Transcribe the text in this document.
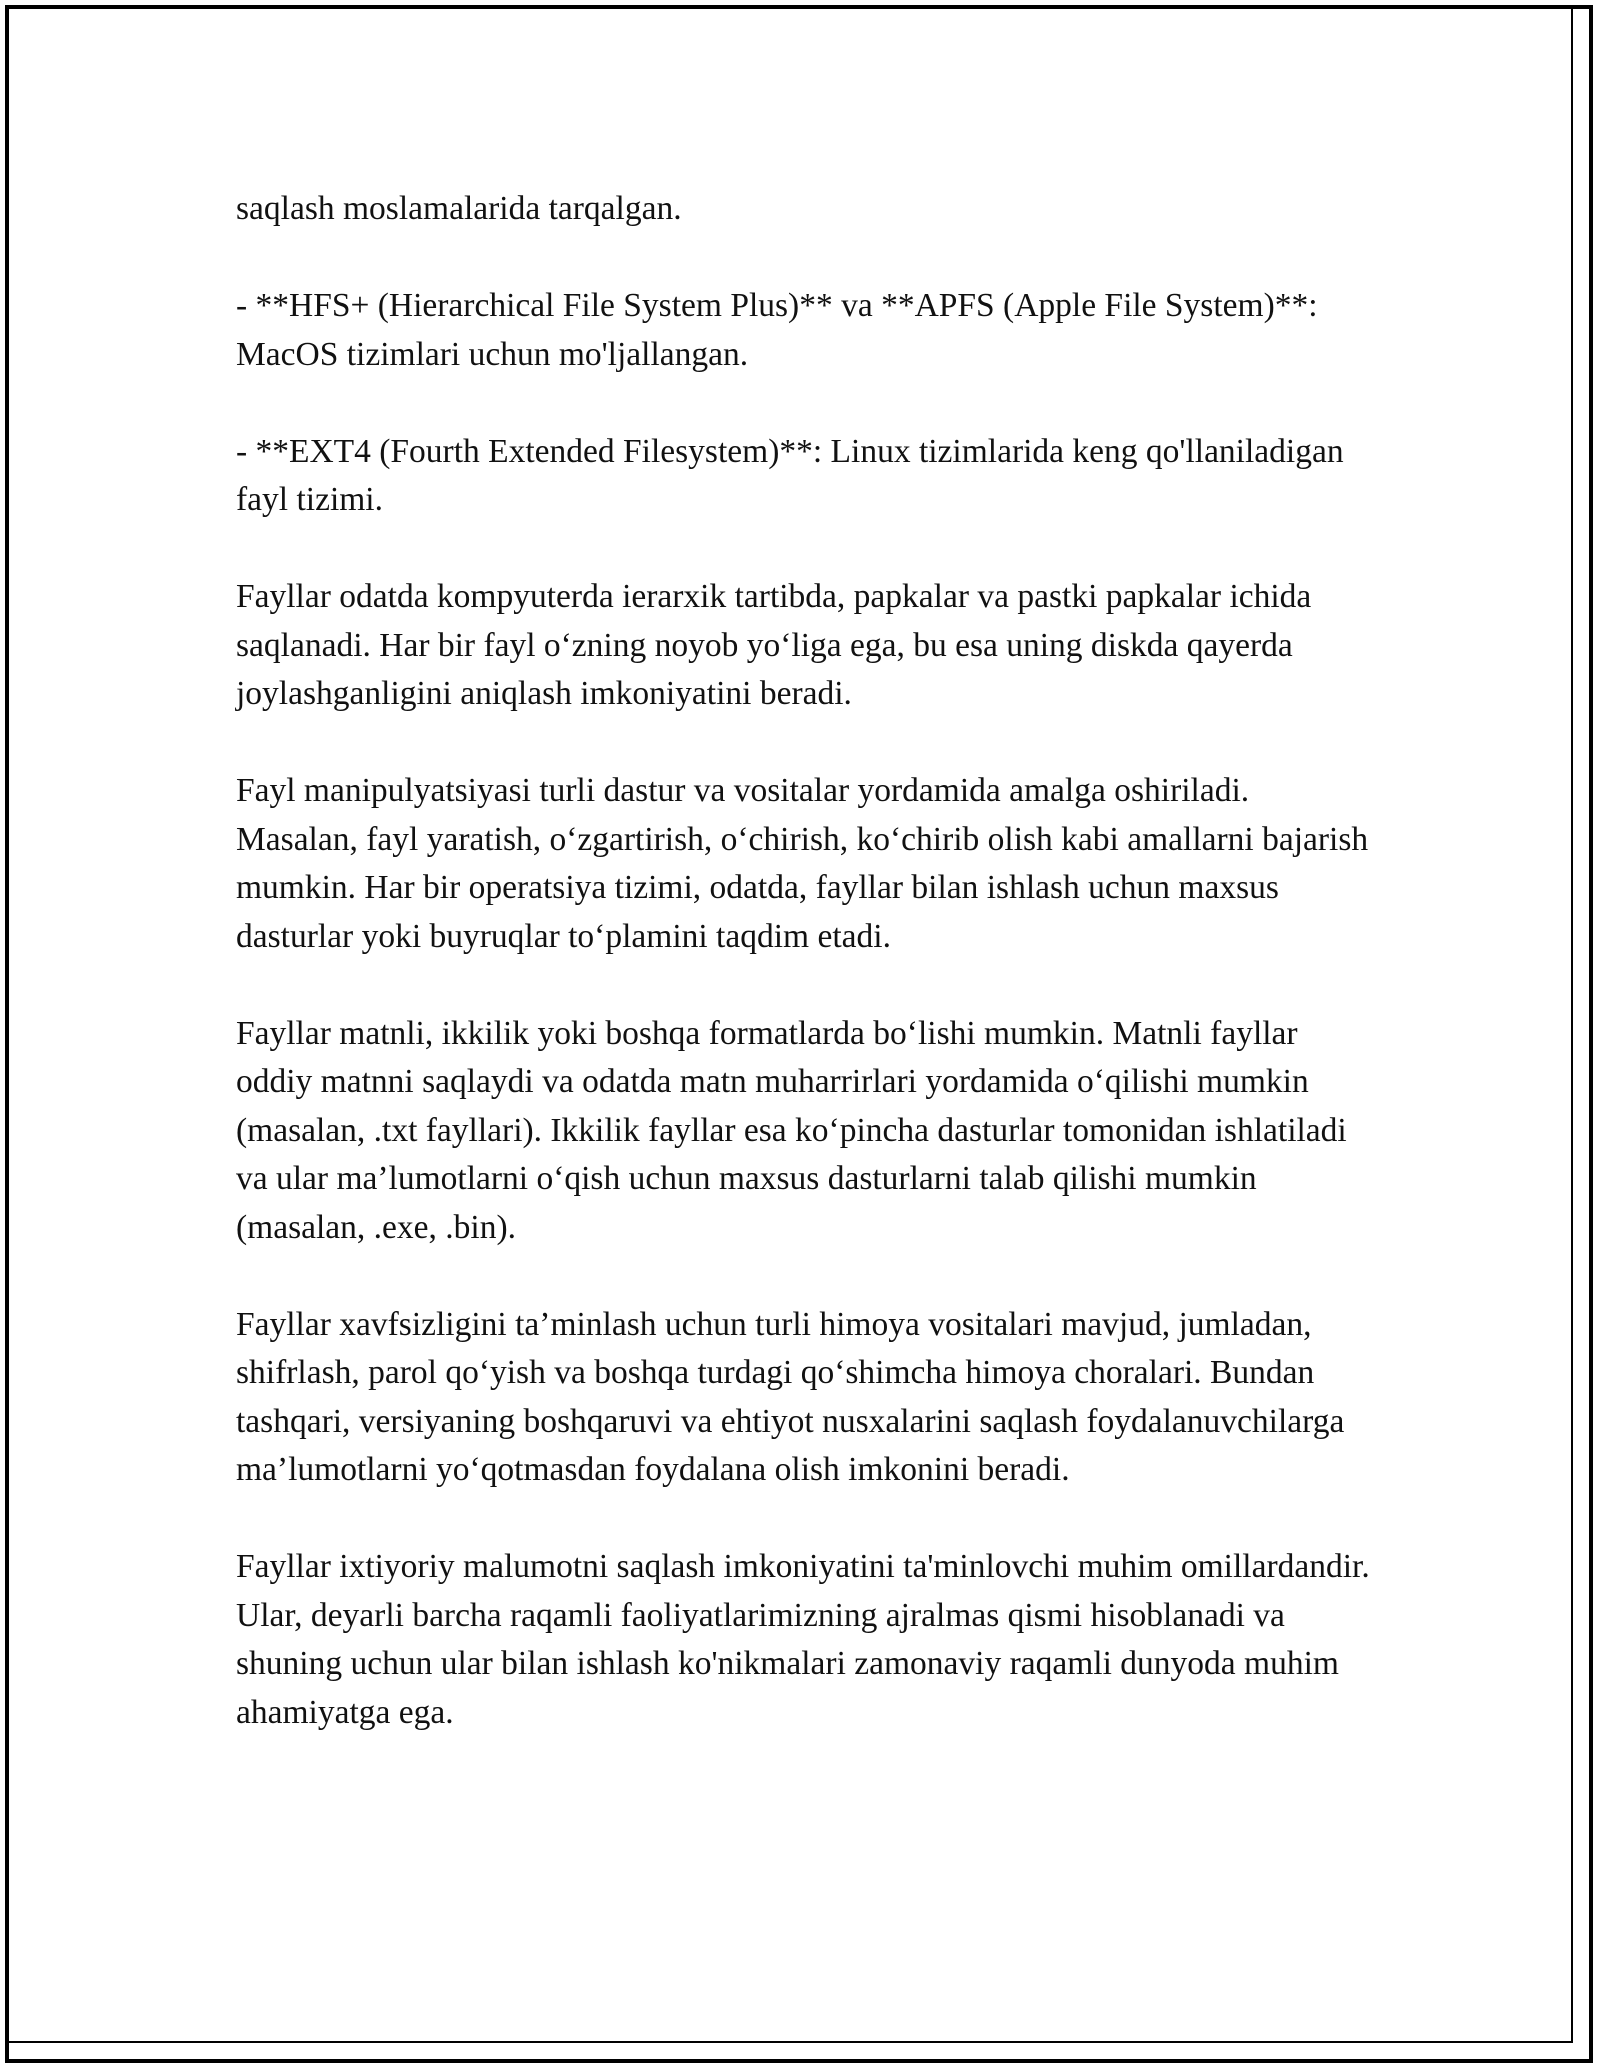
saqlash moslamalarida tarqalgan.

- **HFS+ (Hierarchical File System Plus)** va **APFS (Apple File System)**: MacOS tizimlari uchun mo'ljallangan.

- **EXT4 (Fourth Extended Filesystem)**: Linux tizimlarida keng qo'llaniladigan fayl tizimi.

Fayllar odatda kompyuterda ierarxik tartibda, papkalar va pastki papkalar ichida saqlanadi. Har bir fayl o‘zning noyob yo‘liga ega, bu esa uning diskda qayerda joylashganligini aniqlash imkoniyatini beradi.

Fayl manipulyatsiyasi turli dastur va vositalar yordamida amalga oshiriladi. Masalan, fayl yaratish, o‘zgartirish, o‘chirish, ko‘chirib olish kabi amallarni bajarish mumkin. Har bir operatsiya tizimi, odatda, fayllar bilan ishlash uchun maxsus dasturlar yoki buyruqlar to‘plamini taqdim etadi.

Fayllar matnli, ikkilik yoki boshqa formatlarda bo‘lishi mumkin. Matnli fayllar oddiy matnni saqlaydi va odatda matn muharrirlari yordamida o‘qilishi mumkin (masalan, .txt fayllari). Ikkilik fayllar esa ko‘pincha dasturlar tomonidan ishlatiladi va ular ma’lumotlarni o‘qish uchun maxsus dasturlarni talab qilishi mumkin (masalan, .exe, .bin).

Fayllar xavfsizligini ta’minlash uchun turli himoya vositalari mavjud, jumladan, shifrlash, parol qo‘yish va boshqa turdagi qo‘shimcha himoya choralari. Bundan tashqari, versiyaning boshqaruvi va ehtiyot nusxalarini saqlash foydalanuvchilarga ma’lumotlarni yo‘qotmasdan foydalana olish imkonini beradi.

Fayllar ixtiyoriy malumotni saqlash imkoniyatini ta'minlovchi muhim omillardandir. Ular, deyarli barcha raqamli faoliyatlarimizning ajralmas qismi hisoblanadi va shuning uchun ular bilan ishlash ko'nikmalari zamonaviy raqamli dunyoda muhim ahamiyatga ega.
